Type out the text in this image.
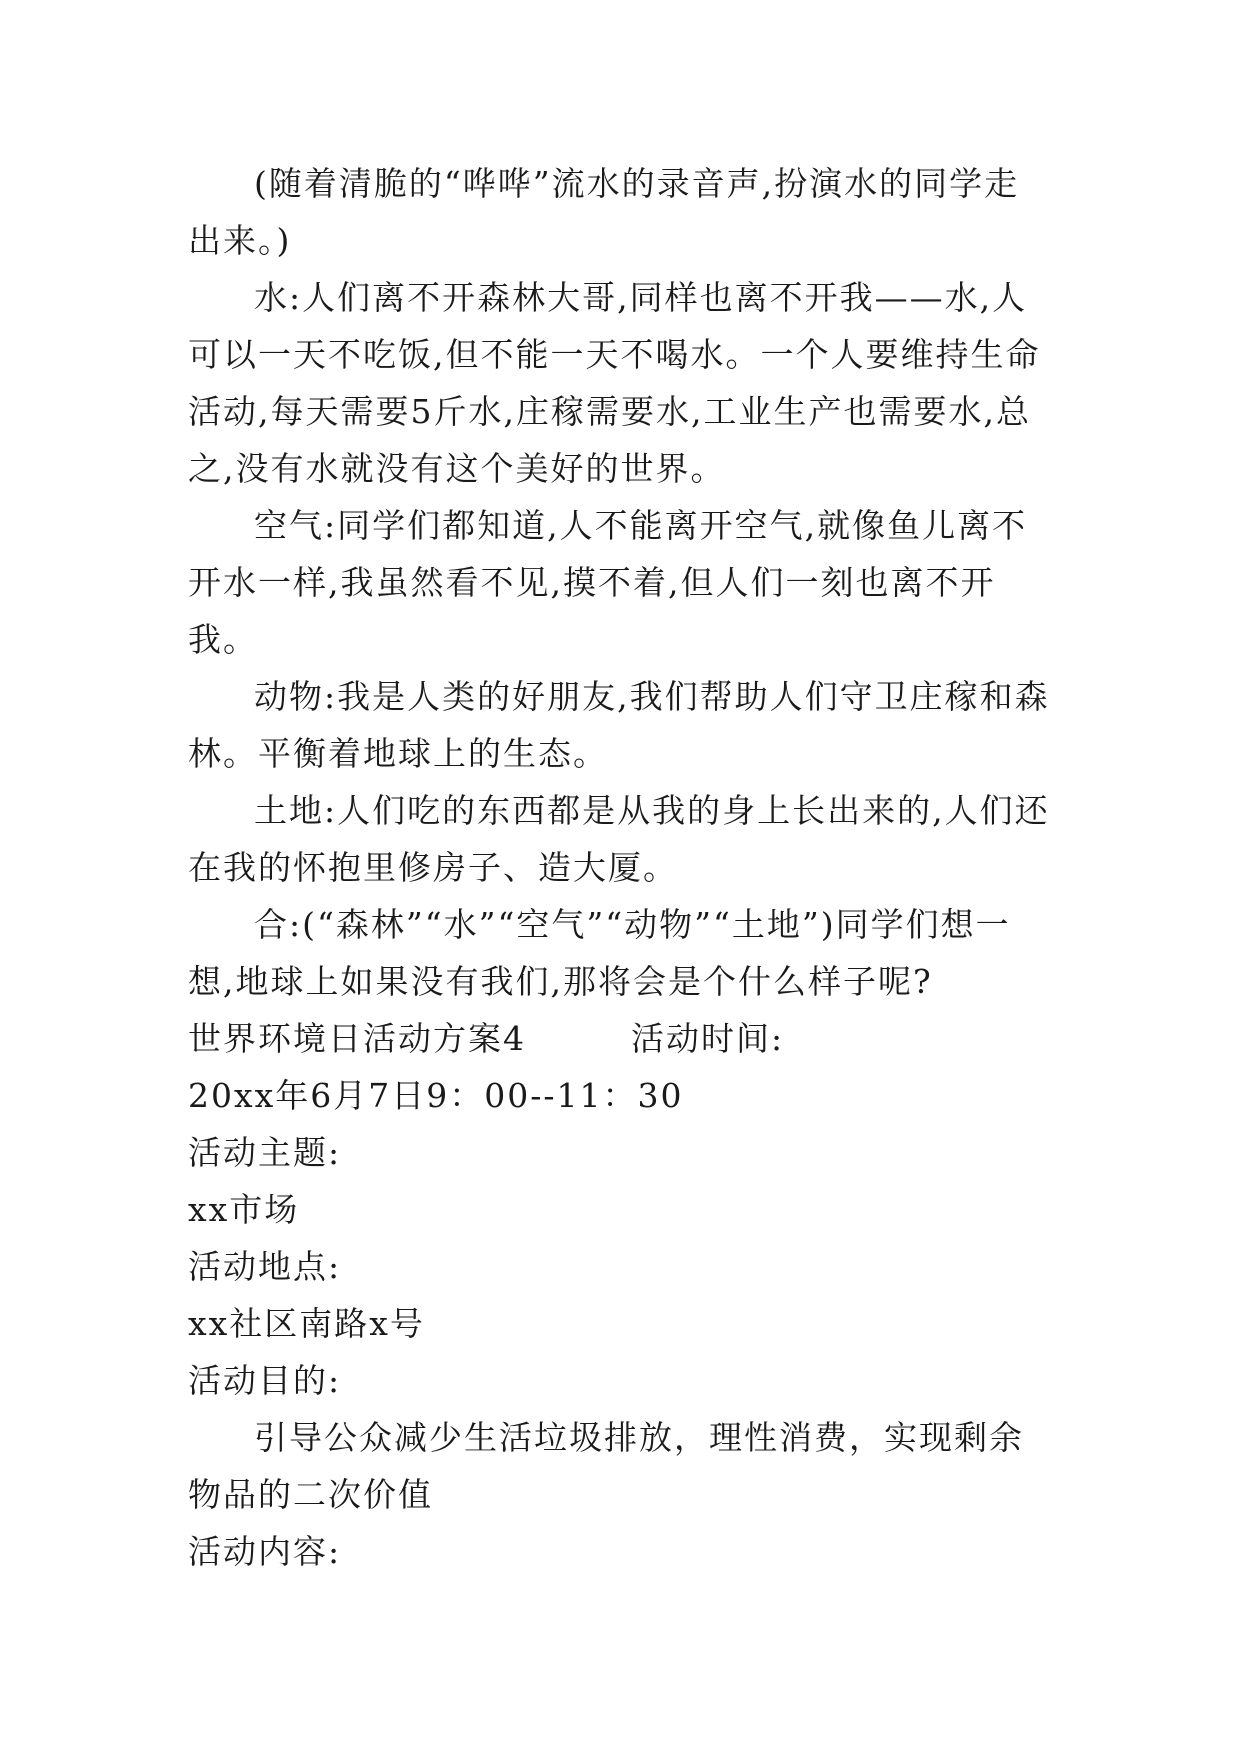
(随着清脆的“哗哗”流水的录音声,扮演水的同学走出来。)

水:人们离不开森林大哥,同样也离不开我——水,人可以一天不吃饭,但不能一天不喝水。一个人要维持生命活动,每天需要5斤水,庄稼需要水,工业生产也需要水,总之,没有水就没有这个美好的世界。

空气:同学们都知道,人不能离开空气,就像鱼儿离不开水一样,我虽然看不见,摸不着,但人们一刻也离不开我。

动物:我是人类的好朋友,我们帮助人们守卫庄稼和森林。平衡着地球上的生态。

土地:人们吃的东西都是从我的身上长出来的,人们还在我的怀抱里修房子、造大厦。

合:(“森林”“水”“空气”“动物”“土地”)同学们想一想,地球上如果没有我们,那将会是个什么样子呢?

世界环境日活动方案4　　　活动时间:

20xx年6月7日9：00--11：30

活动主题:

xx市场

活动地点:

xx社区南路x号

活动目的:

引导公众减少生活垃圾排放，理性消费，实现剩余物品的二次价值

活动内容:
